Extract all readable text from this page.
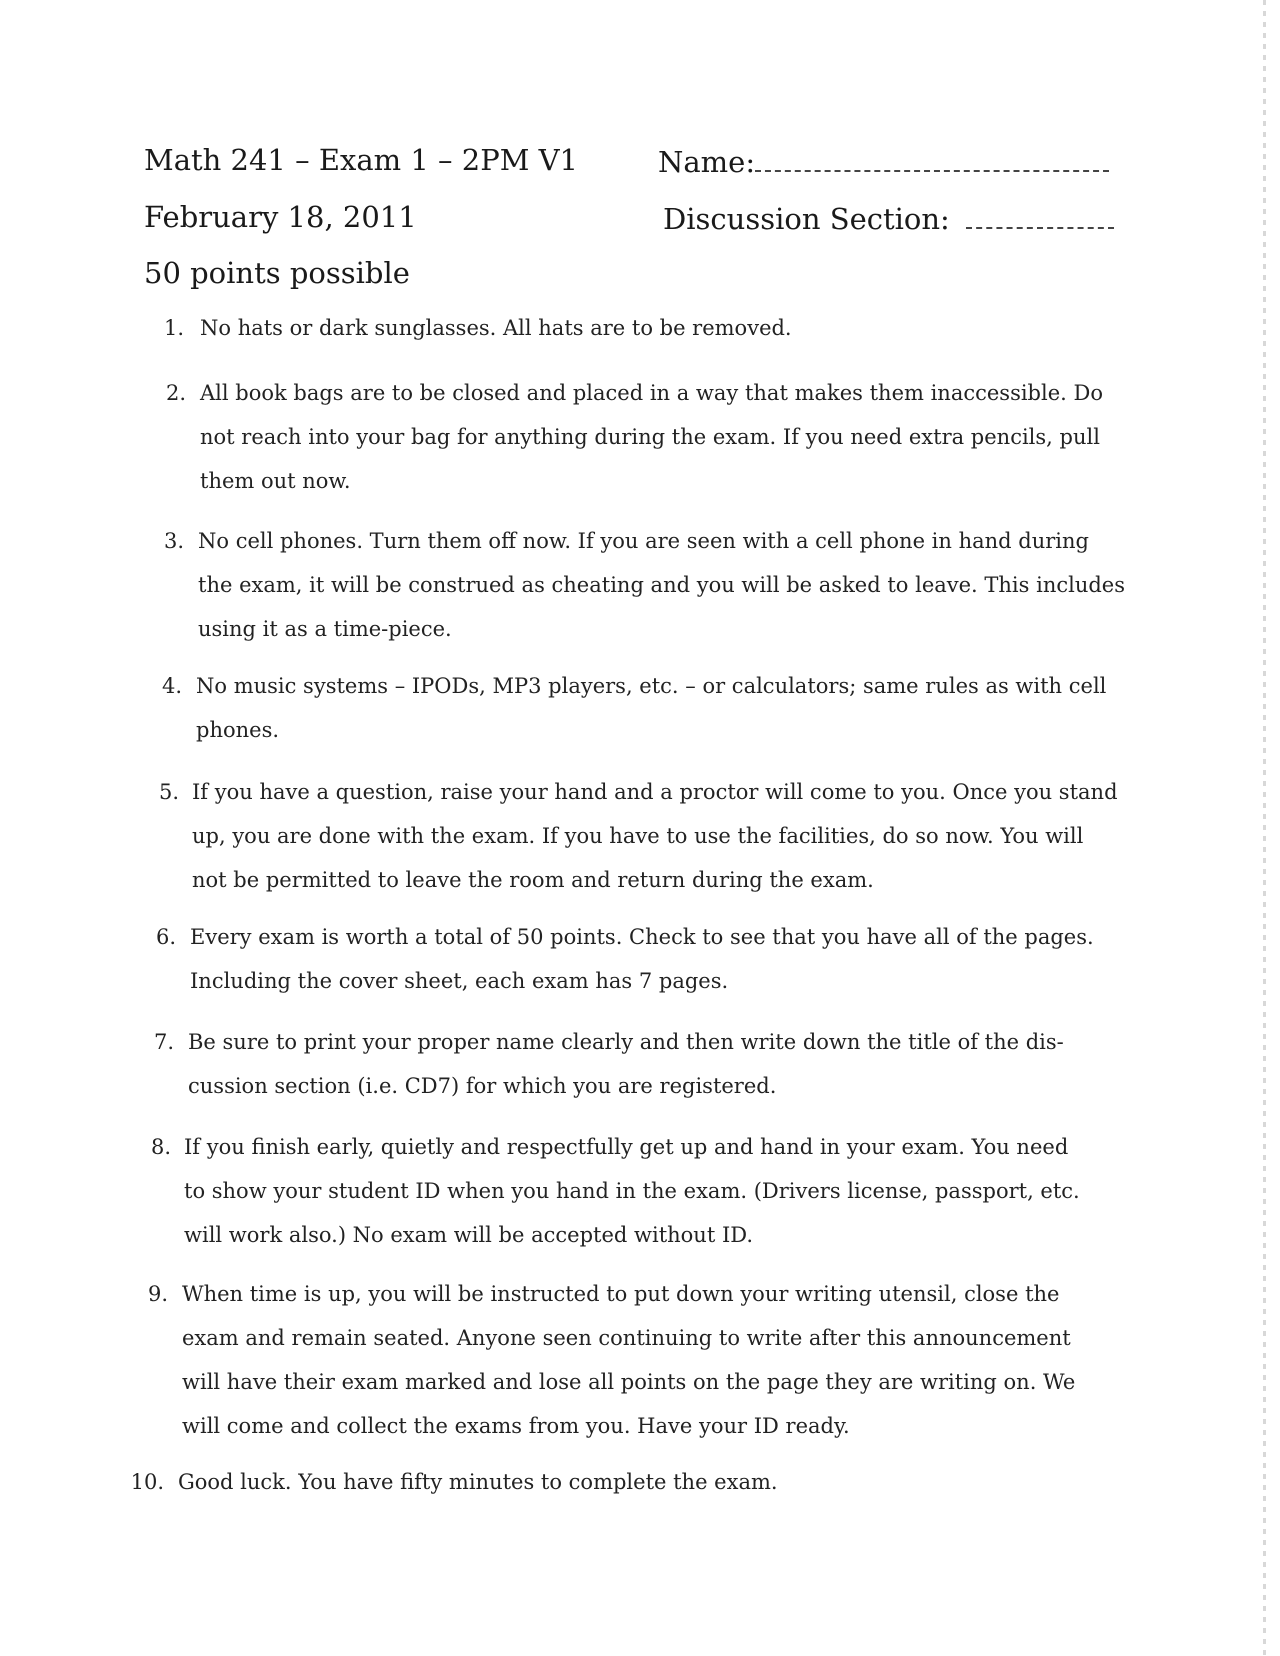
Math 241 – Exam 1 – 2PM V1	Name:
February 18, 2011	Discussion Section:
50 points possible
1. No hats or dark sunglasses. All hats are to be removed.
2. All book bags are to be closed and placed in a way that makes them inaccessible. Do
not reach into your bag for anything during the exam. If you need extra pencils, pull
them out now.
3. No cell phones. Turn them off now. If you are seen with a cell phone in hand during
the exam, it will be construed as cheating and you will be asked to leave. This includes
using it as a time-piece.
4. No music systems – IPODs, MP3 players, etc. – or calculators; same rules as with cell
phones.
5. If you have a question, raise your hand and a proctor will come to you. Once you stand
up, you are done with the exam. If you have to use the facilities, do so now. You will
not be permitted to leave the room and return during the exam.
6. Every exam is worth a total of 50 points. Check to see that you have all of the pages.
Including the cover sheet, each exam has 7 pages.
7. Be sure to print your proper name clearly and then write down the title of the dis-
cussion section (i.e. CD7) for which you are registered.
8. If you finish early, quietly and respectfully get up and hand in your exam. You need
to show your student ID when you hand in the exam. (Drivers license, passport, etc.
will work also.) No exam will be accepted without ID.
9. When time is up, you will be instructed to put down your writing utensil, close the
exam and remain seated. Anyone seen continuing to write after this announcement
will have their exam marked and lose all points on the page they are writing on. We
will come and collect the exams from you. Have your ID ready.
10. Good luck. You have fifty minutes to complete the exam.
